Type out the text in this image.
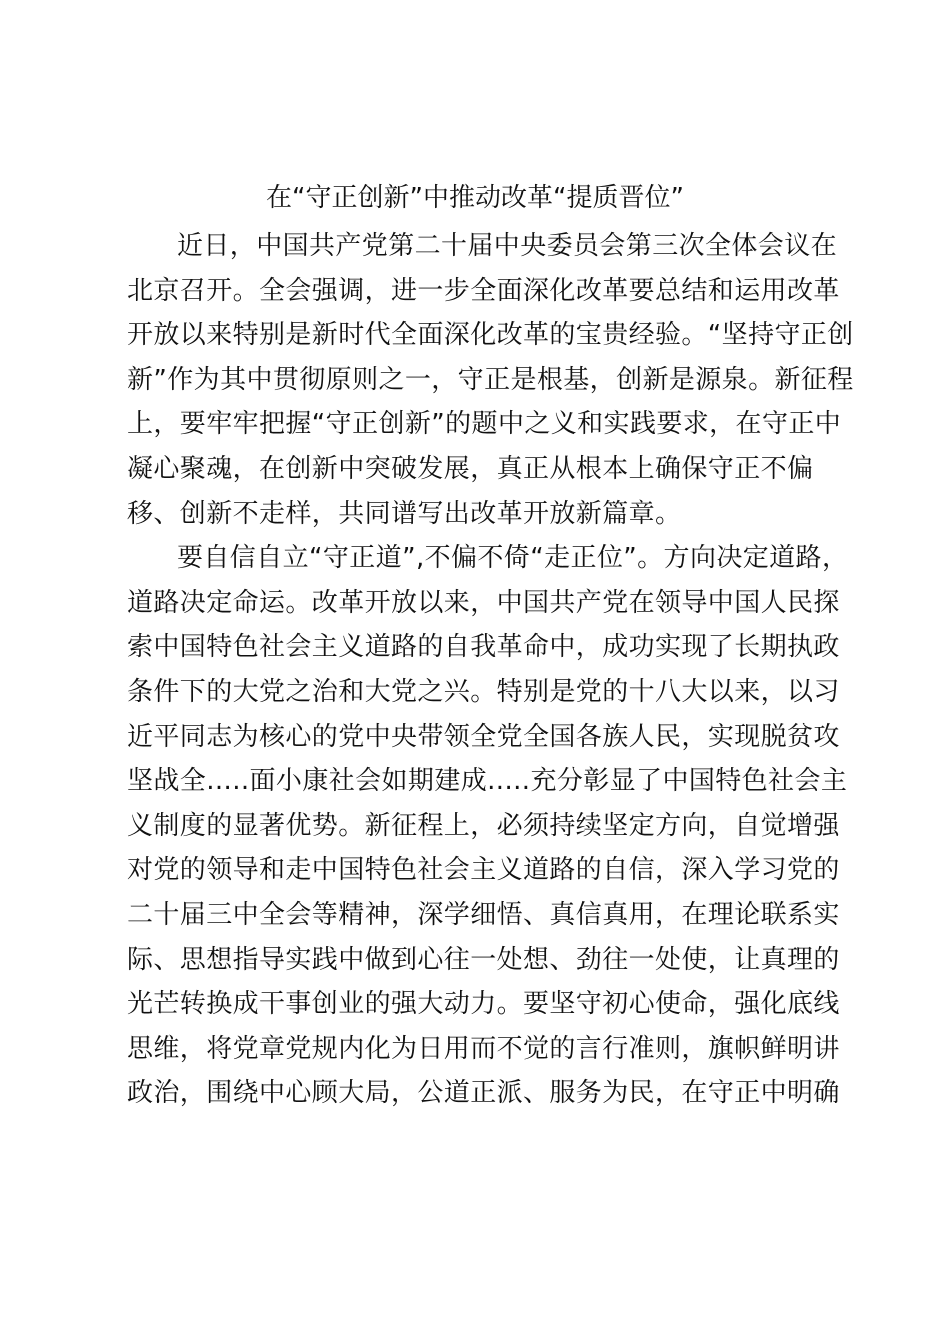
在“守正创新”中推动改革“提质晋位”
近日，中国共产党第二十届中央委员会第三次全体会议在
北京召开。全会强调，进一步全面深化改革要总结和运用改革
开放以来特别是新时代全面深化改革的宝贵经验。“坚持守正创
新”作为其中贯彻原则之一，守正是根基，创新是源泉。新征程
上，要牢牢把握“守正创新”的题中之义和实践要求，在守正中
凝心聚魂，在创新中突破发展，真正从根本上确保守正不偏
移、创新不走样，共同谱写出改革开放新篇章。
要自信自立“守正道”,不偏不倚“走正位”。方向决定道路，
道路决定命运。改革开放以来，中国共产党在领导中国人民探
索中国特色社会主义道路的自我革命中，成功实现了长期执政
条件下的大党之治和大党之兴。特别是党的十八大以来，以习
近平同志为核心的党中央带领全党全国各族人民，实现脱贫攻
坚战全.....面小康社会如期建成.....充分彰显了中国特色社会主
义制度的显著优势。新征程上，必须持续坚定方向，自觉增强
对党的领导和走中国特色社会主义道路的自信，深入学习党的
二十届三中全会等精神，深学细悟、真信真用，在理论联系实
际、思想指导实践中做到心往一处想、劲往一处使，让真理的
光芒转换成干事创业的强大动力。要坚守初心使命，强化底线
思维，将党章党规内化为日用而不觉的言行准则，旗帜鲜明讲
政治，围绕中心顾大局，公道正派、服务为民，在守正中明确
